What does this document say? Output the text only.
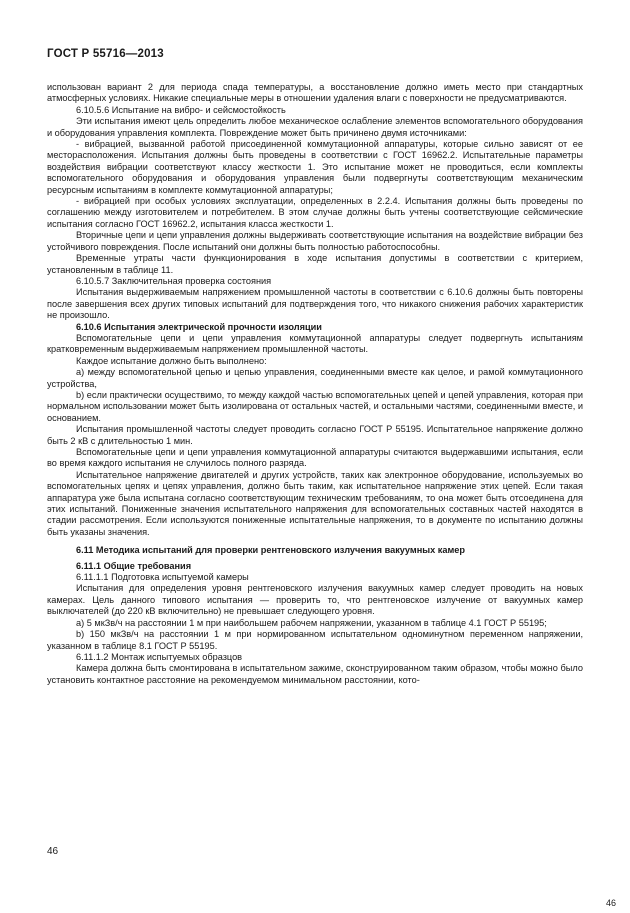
ГОСТ Р 55716—2013

использован вариант 2 для периода спада температуры, а восстановление должно иметь место при стандартных атмосферных условиях. Никакие специальные меры в отношении удаления влаги с поверхности не предусматриваются.

6.10.5.6 Испытание на вибро- и сейсмостойкость

Эти испытания имеют цель определить любое механическое ослабление элементов вспомогательного оборудования и оборудования управления комплекта. Повреждение может быть причинено двумя источниками:

- вибрацией, вызванной работой присоединенной коммутационной аппаратуры, которые сильно зависят от ее месторасположения. Испытания должны быть проведены в соответствии с ГОСТ 16962.2. Испытательные параметры воздействия вибрации соответствуют классу жесткости 1. Это испытание может не проводиться, если комплекты вспомогательного оборудования и оборудования управления были подвергнуты соответствующим механическим ресурсным испытаниям в комплекте коммутационной аппаратуры;

- вибрацией при особых условиях эксплуатации, определенных в 2.2.4. Испытания должны быть проведены по соглашению между изготовителем и потребителем. В этом случае должны быть учтены соответствующие сейсмические испытания согласно ГОСТ 16962.2, испытания класса жесткости 1.

Вторичные цепи и цепи управления должны выдерживать соответствующие испытания на воздействие вибрации без устойчивого повреждения. После испытаний они должны быть полностью работоспособны.

Временные утраты части функционирования в ходе испытания допустимы в соответствии с критерием, установленным в таблице 11.

6.10.5.7 Заключительная проверка состояния

Испытания выдерживаемым напряжением промышленной частоты в соответствии с 6.10.6 должны быть повторены после завершения всех других типовых испытаний для подтверждения того, что никакого снижения рабочих характеристик не произошло.

6.10.6 Испытания электрической прочности изоляции

Вспомогательные цепи и цепи управления коммутационной аппаратуры следует подвергнуть испытаниям кратковременным выдерживаемым напряжением промышленной частоты.

Каждое испытание должно быть выполнено:

a) между вспомогательной цепью и цепью управления, соединенными вместе как целое, и рамой коммутационного устройства,

b) если практически осуществимо, то между каждой частью вспомогательных цепей и цепей управления, которая при нормальном использовании может быть изолирована от остальных частей, и остальными частями, соединенными вместе, и основанием.

Испытания промышленной частоты следует проводить согласно ГОСТ Р 55195. Испытательное напряжение должно быть 2 кВ с длительностью 1 мин.

Вспомогательные цепи и цепи управления коммутационной аппаратуры считаются выдержавшими испытания, если во время каждого испытания не случилось полного разряда.

Испытательное напряжение двигателей и других устройств, таких как электронное оборудование, используемых во вспомогательных цепях и цепях управления, должно быть таким, как испытательное напряжение этих цепей. Если такая аппаратура уже была испытана согласно соответствующим техническим требованиям, то она может быть отсоединена для этих испытаний. Пониженные значения испытательного напряжения для вспомогательных составных частей находятся в стадии рассмотрения. Если используются пониженные испытательные напряжения, то в документе по испытанию должны быть указаны значения.

6.11 Методика испытаний для проверки рентгеновского излучения вакуумных камер

6.11.1 Общие требования

6.11.1.1 Подготовка испытуемой камеры

Испытания для определения уровня рентгеновского излучения вакуумных камер следует проводить на новых камерах. Цель данного типового испытания — проверить то, что рентгеновское излучение от вакуумных камер выключателей (до 220 кВ включительно) не превышает следующего уровня.

a) 5 мкЗв/ч на расстоянии 1 м при наибольшем рабочем напряжении, указанном в таблице 4.1 ГОСТ Р 55195;

b) 150 мкЗв/ч на расстоянии 1 м при нормированном испытательном одноминутном переменном напряжении, указанном в таблице 8.1 ГОСТ Р 55195.

6.11.1.2 Монтаж испытуемых образцов

Камера должна быть смонтирована в испытательном зажиме, сконструированном таким образом, чтобы можно было установить контактное расстояние на рекомендуемом минимальном расстоянии, кото-

46
46
